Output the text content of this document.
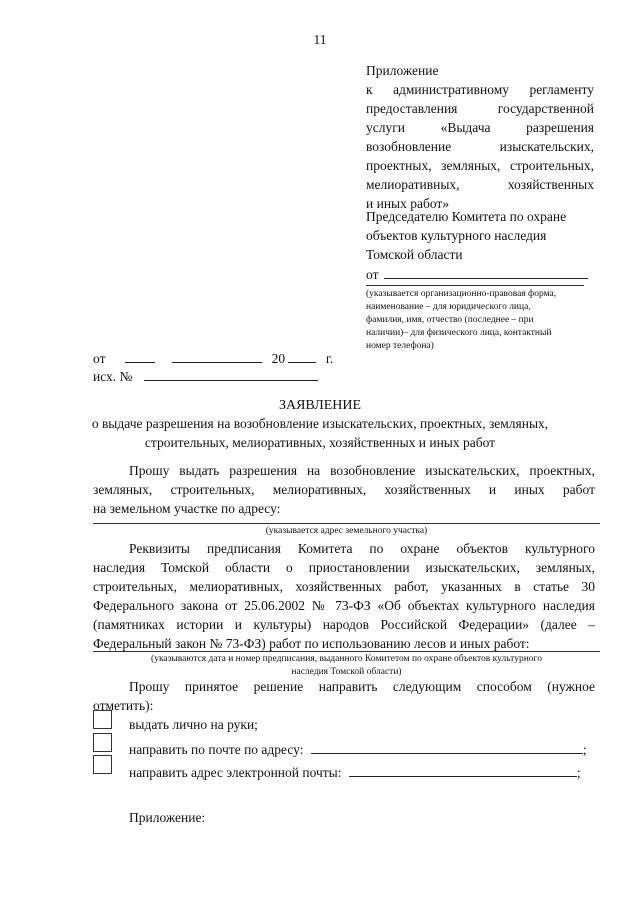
11
Приложение
к административному регламенту
предоставления государственной
услуги «Выдача разрешения
возобновление изыскательских,
проектных, земляных, строительных,
мелиоративных, хозяйственных
и иных работ»
Председателю Комитета по охране
объектов культурного наследия
Томской области
от
(указывается организационно-правовая форма,
наименование – для юридического лица,
фамилия, имя, отчество (последнее – при
наличии)– для физического лица, контактный
номер телефона)
от	20	г.
исх. №
ЗАЯВЛЕНИЕ
о выдаче разрешения на возобновление изыскательских, проектных, земляных,
строительных, мелиоративных, хозяйственных и иных работ
Прошу выдать разрешения на возобновление изыскательских, проектных,
земляных, строительных, мелиоративных, хозяйственных и иных работ
на земельном участке по адресу:
(указывается адрес земельного участка)
Реквизиты предписания Комитета по охране объектов культурного
наследия Томской области о приостановлении изыскательских, земляных,
строительных, мелиоративных, хозяйственных работ, указанных в статье 30
Федерального закона от 25.06.2002 № 73-ФЗ «Об объектах культурного наследия
(памятниках истории и культуры) народов Российской Федерации» (далее –
Федеральный закон № 73-ФЗ) работ по использованию лесов и иных работ:
(указываются дата и номер предписания, выданного Комитетом по охране объектов культурного
наследия Томской области)
Прошу принятое решение направить следующим способом (нужное
отметить):
выдать лично на руки;
направить по почте по адресу:	;
направить адрес электронной почты:	;
Приложение:
